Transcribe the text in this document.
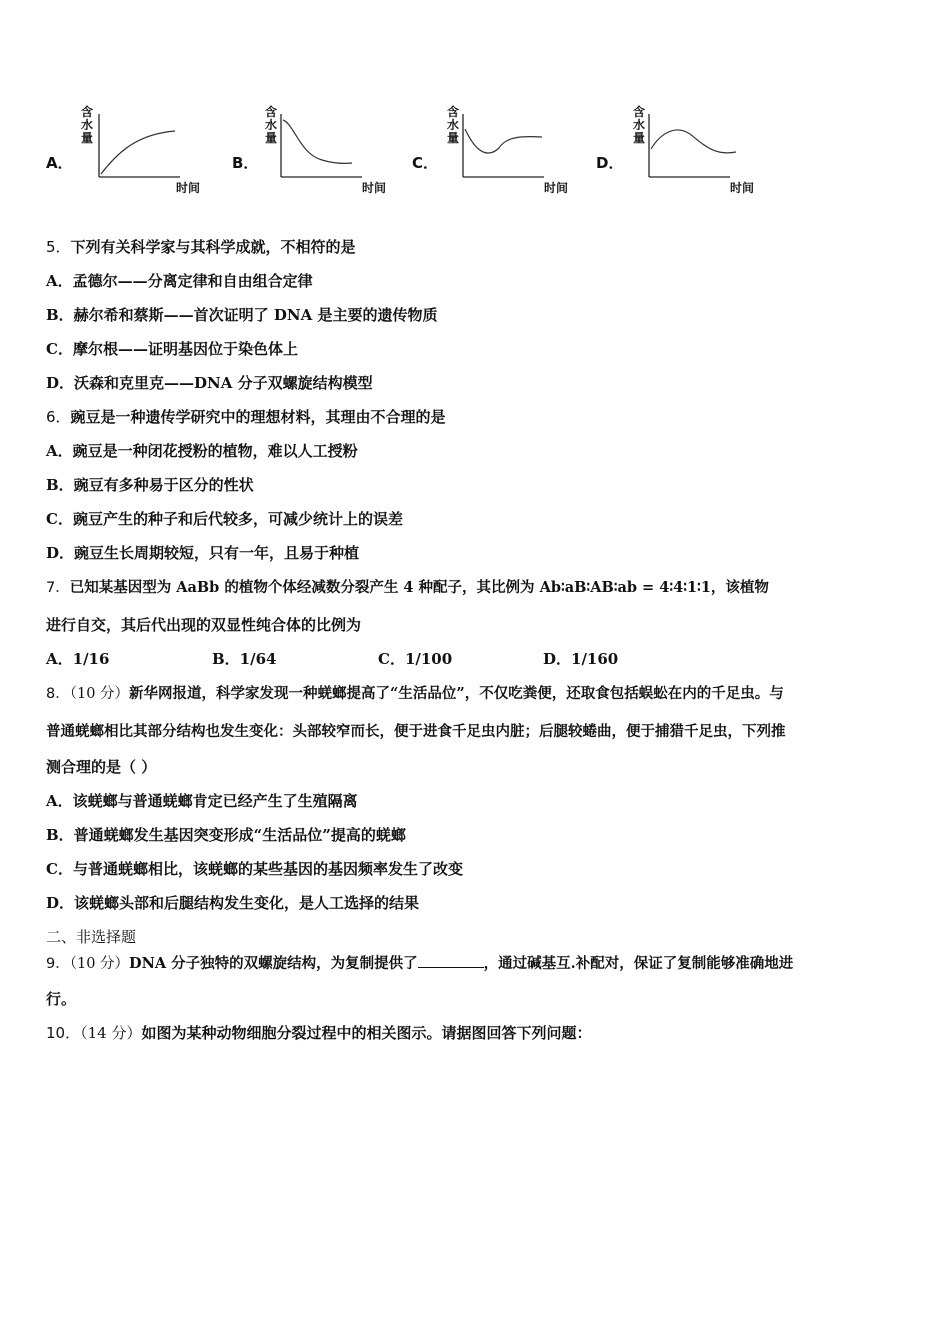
A．
含
水
量
时间
B．
含
水
量
时间
C．
含
水
量
时间
D．
含
水
量
时间
5．下列有关科学家与其科学成就，不相符的是
A．孟德尔——分离定律和自由组合定律
B．赫尔希和蔡斯——首次证明了 DNA 是主要的遗传物质
C．摩尔根——证明基因位于染色体上
D．沃森和克里克——DNA 分子双螺旋结构模型
6．豌豆是一种遗传学研究中的理想材料，其理由不合理的是
A．豌豆是一种闭花授粉的植物，难以人工授粉
B．豌豆有多种易于区分的性状
C．豌豆产生的种子和后代较多，可减少统计上的误差
D．豌豆生长周期较短，只有一年，且易于种植
7．已知某基因型为 AaBb 的植物个体经减数分裂产生 4 种配子，其比例为 Ab∶aB∶AB∶ab = 4∶4∶1∶1，该植物
进行自交，其后代出现的双显性纯合体的比例为
A．1/16	B．1/64	C．1/100	D．1/160
8．（10 分）新华网报道，科学家发现一种蜣螂提高了“生活品位”，不仅吃粪便，还取食包括蜈蚣在内的千足虫。与
普通蜣螂相比其部分结构也发生变化：头部较窄而长，便于进食千足虫内脏；后腿较蜷曲，便于捕猎千足虫，下列推
测合理的是（ ）
A．该蜣螂与普通蜣螂肯定已经产生了生殖隔离
B．普通蜣螂发生基因突变形成“生活品位”提高的蜣螂
C．与普通蜣螂相比，该蜣螂的某些基因的基因频率发生了改变
D．该蜣螂头部和后腿结构发生变化，是人工选择的结果
二、非选择题
9．（10 分）DNA 分子独特的双螺旋结构，为复制提供了	，通过碱基互.补配对，保证了复制能够准确地进
行。
10．（14 分）如图为某种动物细胞分裂过程中的相关图示。请据图回答下列问题：
